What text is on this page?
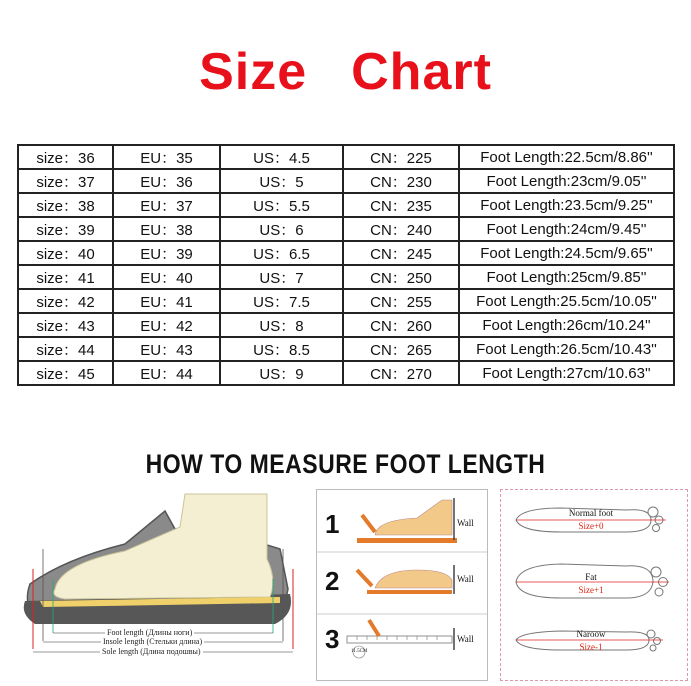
Size Chart
size：36	EU：35	US：4.5	CN：225	Foot Length:22.5cm/8.86''
size：37	EU：36	US：5	CN：230	Foot Length:23cm/9.05''
size：38	EU：37	US：5.5	CN：235	Foot Length:23.5cm/9.25''
size：39	EU：38	US：6	CN：240	Foot Length:24cm/9.45''
size：40	EU：39	US：6.5	CN：245	Foot Length:24.5cm/9.65''
size：41	EU：40	US：7	CN：250	Foot Length:25cm/9.85''
size：42	EU：41	US：7.5	CN：255	Foot Length:25.5cm/10.05''
size：43	EU：42	US：8	CN：260	Foot Length:26cm/10.24''
size：44	EU：43	US：8.5	CN：265	Foot Length:26.5cm/10.43''
size：45	EU：44	US：9	CN：270	Foot Length:27cm/10.63''
HOW TO MEASURE FOOT LENGTH
Foot length (Длины ноги)
Insole length (Стельки длина)
Sole length (Длина подошвы)
1
2
3
Wall
Wall
Wall
11.5CM
Normal foot
Size+0
Fat
Size+1
Naroow
Size-1
